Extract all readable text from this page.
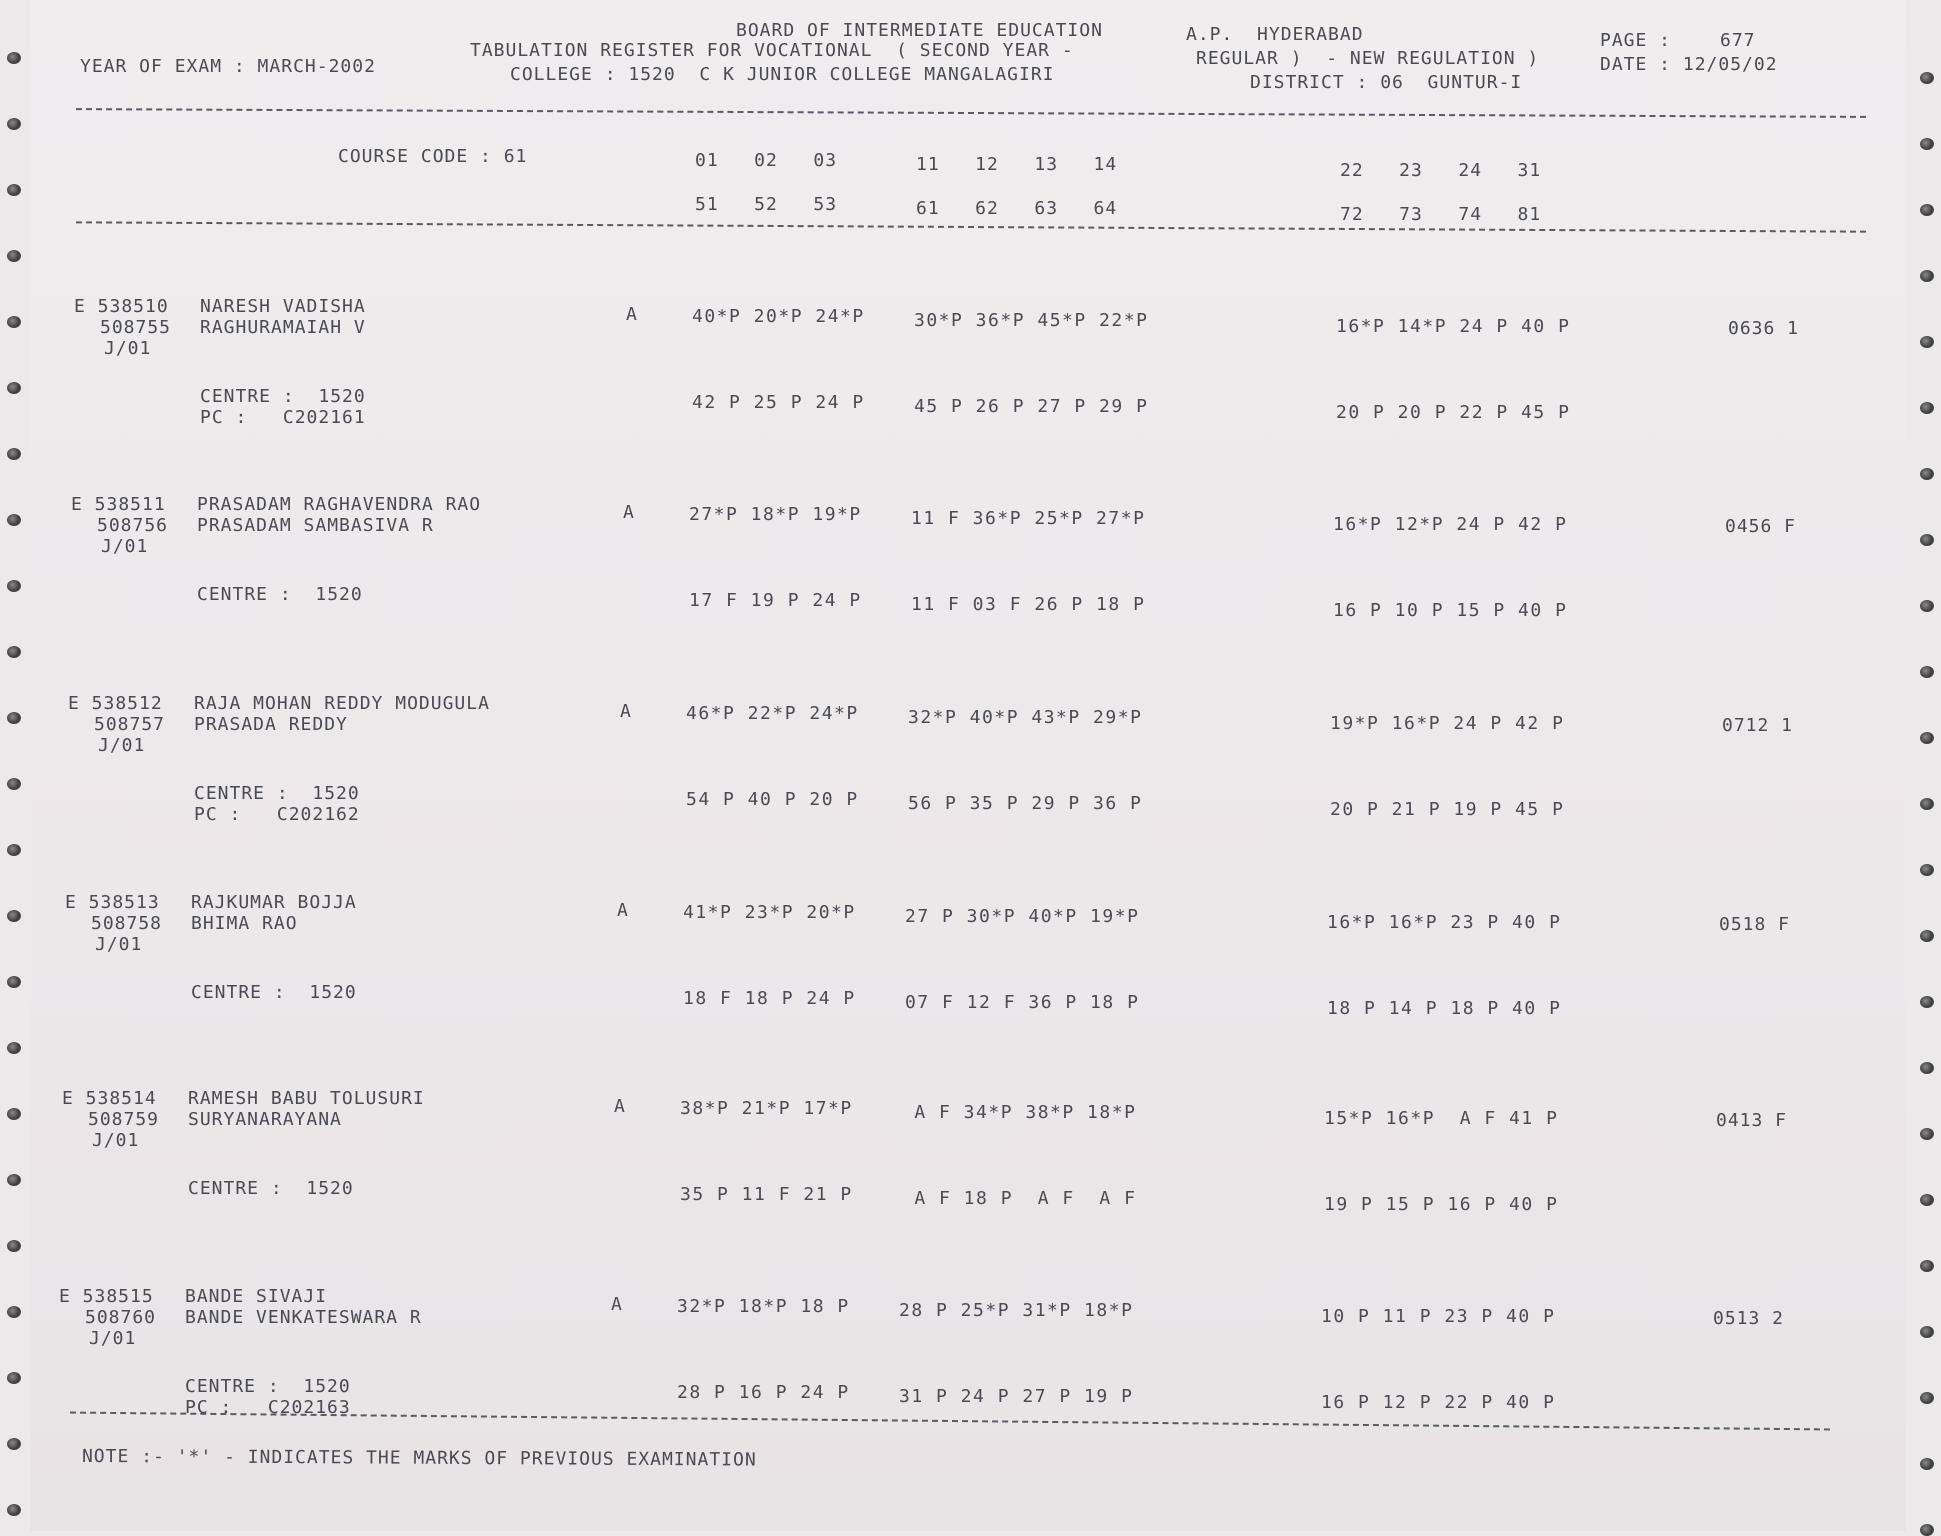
BOARD OF INTERMEDIATE EDUCATION	A.P.  HYDERABAD	PAGE :	677
YEAR OF EXAM : MARCH-2002
TABULATION REGISTER FOR VOCATIONAL  ( SECOND YEAR -	REGULAR )  - NEW REGULATION )	DATE : 12/05/02
COLLEGE : 1520  C K JUNIOR COLLEGE MANGALAGIRI	DISTRICT : 06  GUNTUR-I
COURSE CODE : 61	01   02   03	11   12   13   14	22   23   24   31
51   52   53	61   62   63   64	72   73   74   81
E 538510 NARESH VADISHA
508755 RAGHURAMAIAH V
J/01
A	40*P 20*P 24*P	30*P 36*P 45*P 22*P	16*P 14*P 24 P 40 P	0636 1
CENTRE :  1520
PC :   C202161
42 P 25 P 24 P	45 P 26 P 27 P 29 P	20 P 20 P 22 P 45 P
E 538511 PRASADAM RAGHAVENDRA RAO
508756 PRASADAM SAMBASIVA R
J/01
A	27*P 18*P 19*P	11 F 36*P 25*P 27*P	16*P 12*P 24 P 42 P	0456 F
CENTRE :  1520	17 F 19 P 24 P	11 F 03 F 26 P 18 P	16 P 10 P 15 P 40 P
E 538512 RAJA MOHAN REDDY MODUGULA
508757 PRASADA REDDY
J/01
A	46*P 22*P 24*P	32*P 40*P 43*P 29*P	19*P 16*P 24 P 42 P	0712 1
CENTRE :  1520
PC :   C202162
54 P 40 P 20 P	56 P 35 P 29 P 36 P	20 P 21 P 19 P 45 P
E 538513 RAJKUMAR BOJJA
508758 BHIMA RAO
J/01
A	41*P 23*P 20*P	27 P 30*P 40*P 19*P	16*P 16*P 23 P 40 P	0518 F
CENTRE :  1520	18 F 18 P 24 P	07 F 12 F 36 P 18 P	18 P 14 P 18 P 40 P
E 538514 RAMESH BABU TOLUSURI
508759 SURYANARAYANA
J/01
A	38*P 21*P 17*P	A F 34*P 38*P 18*P	15*P 16*P  A F 41 P	0413 F
CENTRE :  1520	35 P 11 F 21 P	A F 18 P  A F  A F	19 P 15 P 16 P 40 P
E 538515 BANDE SIVAJI
508760 BANDE VENKATESWARA R
J/01
A	32*P 18*P 18 P	28 P 25*P 31*P 18*P	10 P 11 P 23 P 40 P	0513 2
CENTRE :  1520
PC :   C202163
28 P 16 P 24 P	31 P 24 P 27 P 19 P	16 P 12 P 22 P 40 P
NOTE :- '*' - INDICATES THE MARKS OF PREVIOUS EXAMINATION
